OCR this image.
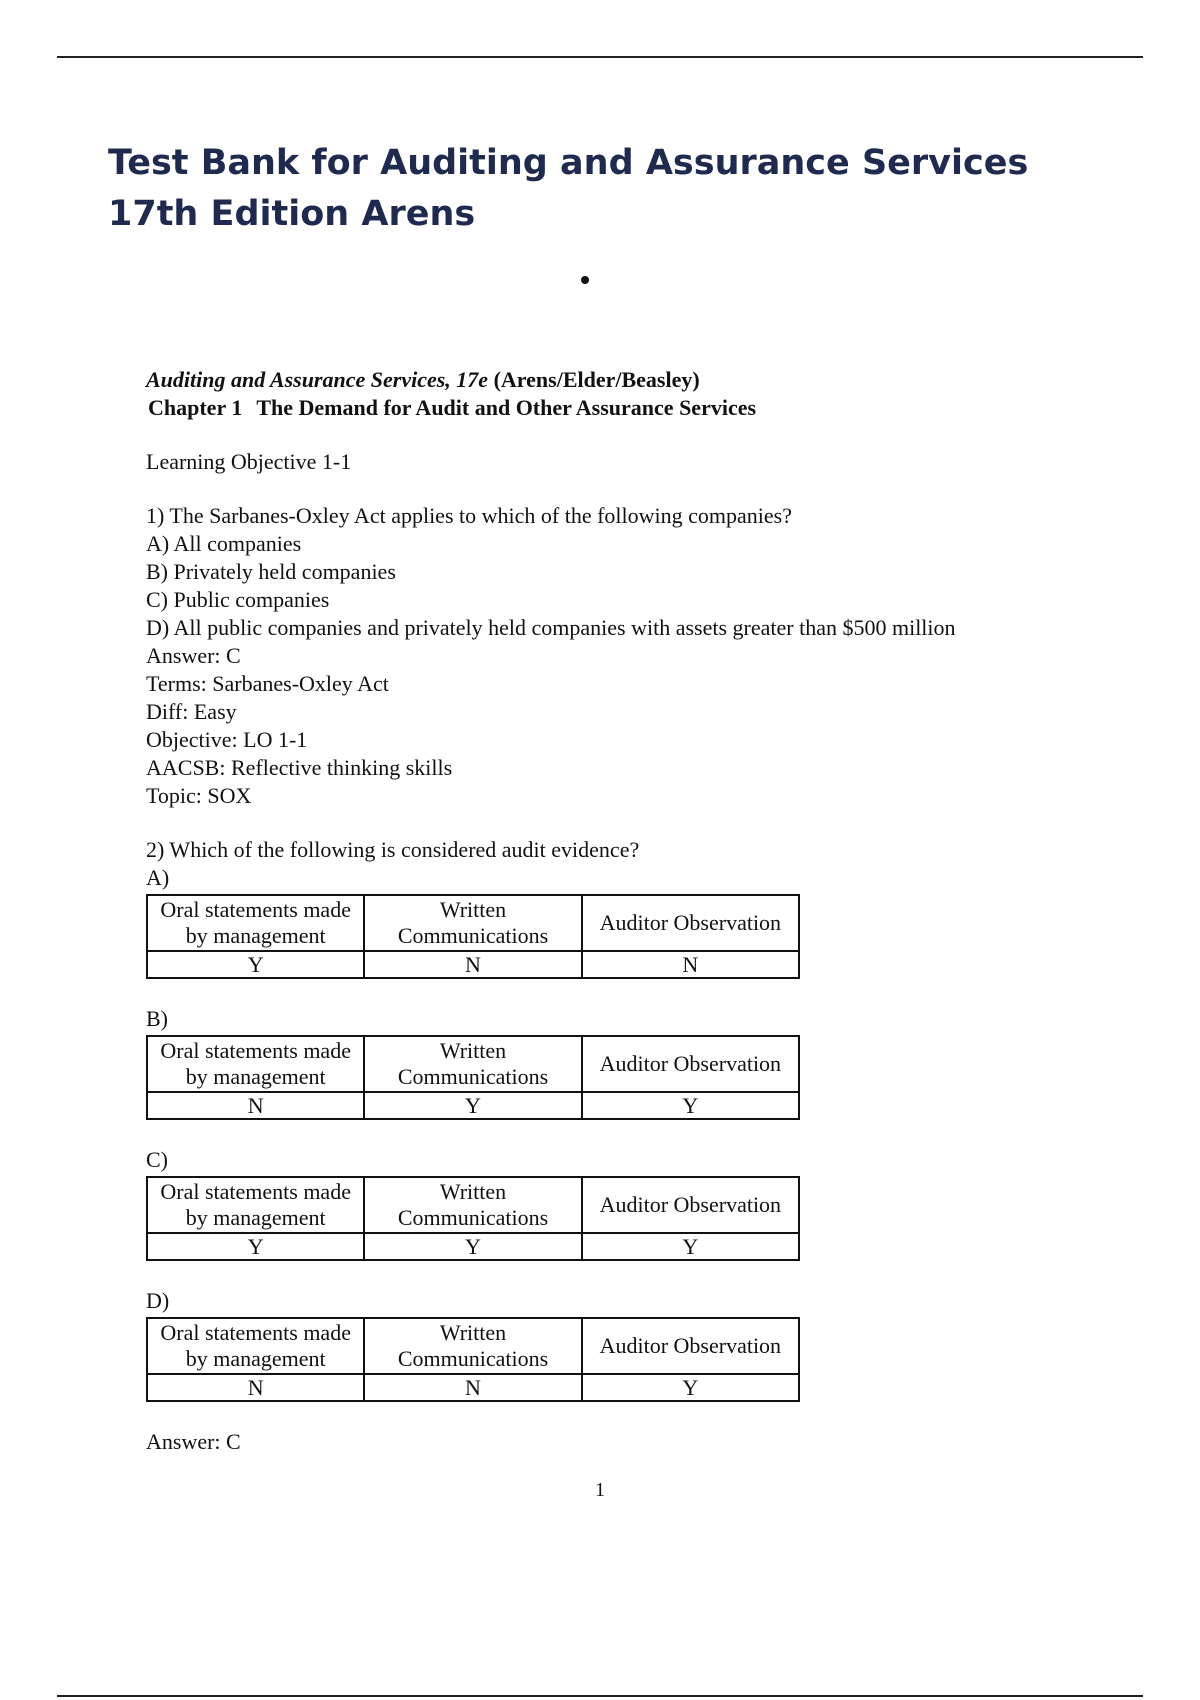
Test Bank for Auditing and Assurance Services 17th Edition Arens
Auditing and Assurance Services, 17e (Arens/Elder/Beasley)
Chapter 1 The Demand for Audit and Other Assurance Services
Learning Objective 1-1
1) The Sarbanes-Oxley Act applies to which of the following companies?
A) All companies
B) Privately held companies
C) Public companies
D) All public companies and privately held companies with assets greater than $500 million
Answer: C
Terms: Sarbanes-Oxley Act
Diff: Easy
Objective: LO 1-1
AACSB: Reflective thinking skills
Topic: SOX
2) Which of the following is considered audit evidence?
A)
Oral statements made by management	Written Communications	Auditor Observation
Y	N	N
B)
Oral statements made by management	Written Communications	Auditor Observation
N	Y	Y
C)
Oral statements made by management	Written Communications	Auditor Observation
Y	Y	Y
D)
Oral statements made by management	Written Communications	Auditor Observation
N	N	Y
Answer: C
1
